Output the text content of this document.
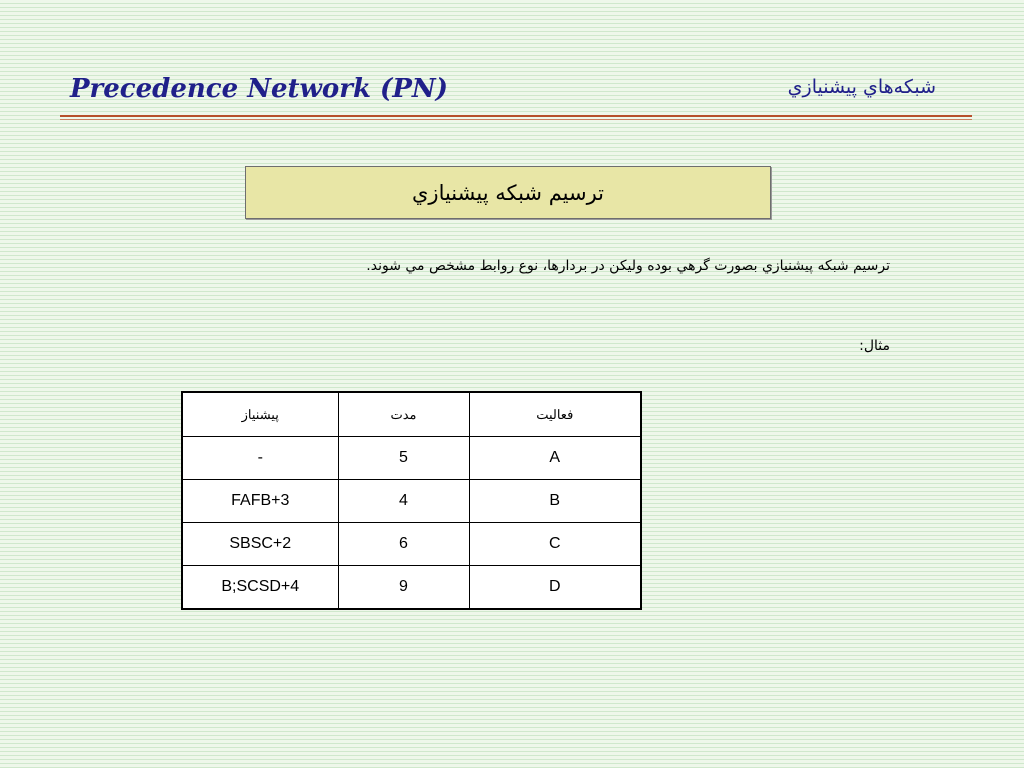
Precedence Network (PN)	شبکه‌هاي پيشنيازي
ترسيم شبکه پيشنيازي
ترسيم شبکه پيشنيازي بصورت گرهي بوده وليکن در بردارها، نوع روابط مشخص مي شوند.
مثال:
پيشنياز	مدت	فعاليت
-	5	A
FAFB+3	4	B
SBSC+2	6	C
B;SCSD+4	9	D
